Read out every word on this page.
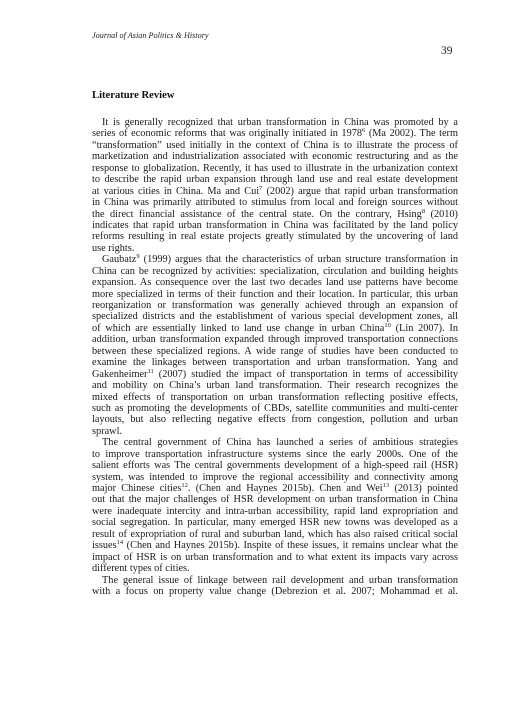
Journal of Asian Politics & History
39
Literature Review
It is generally recognized that urban transformation in China was promoted by a
series of economic reforms that was originally initiated in 1978$^6$ (Ma 2002). The term
“transformation” used initially in the context of China is to illustrate the process of
marketization and industrialization associated with economic restructuring and as the
response to globalization. Recently, it has used to illustrate in the urbanization context
to describe the rapid urban expansion through land use and real estate development
at various cities in China. Ma and Cui$^7$ (2002) argue that rapid urban transformation
in China was primarily attributed to stimulus from local and foreign sources without
the direct financial assistance of the central state. On the contrary, Hsing$^8$ (2010)
indicates that rapid urban transformation in China was facilitated by the land policy
reforms resulting in real estate projects greatly stimulated by the uncovering of land
use rights.
Gaubatz$^9$ (1999) argues that the characteristics of urban structure transformation in
China can be recognized by activities: specialization, circulation and building heights
expansion. As consequence over the last two decades land use patterns have become
more specialized in terms of their function and their location. In particular, this urban
reorganization or transformation was generally achieved through an expansion of
specialized districts and the establishment of various special development zones, all
of which are essentially linked to land use change in urban China$^{10}$ (Lin 2007). In
addition, urban transformation expanded through improved transportation connections
between these specialized regions. A wide range of studies have been conducted to
examine the linkages between transportation and urban transformation. Yang and
Gakenheimer$^{11}$ (2007) studied the impact of transportation in terms of accessibility
and mobility on China’s urban land transformation. Their research recognizes the
mixed effects of transportation on urban transformation reflecting positive effects,
such as promoting the developments of CBDs, satellite communities and multi-center
layouts, but also reflecting negative effects from congestion, pollution and urban
sprawl.
The central government of China has launched a series of ambitious strategies
to improve transportation infrastructure systems since the early 2000s. One of the
salient efforts was The central governments development of a high-speed rail (HSR)
system, was intended to improve the regional accessibility and connectivity among
major Chinese cities$^{12}$. (Chen and Haynes 2015b). Chen and Wei$^{13}$ (2013) pointed
out that the major challenges of HSR development on urban transformation in China
were inadequate intercity and intra-urban accessibility, rapid land expropriation and
social segregation. In particular, many emerged HSR new towns was developed as a
result of expropriation of rural and suburban land, which has also raised critical social
issues$^{14}$ (Chen and Haynes 2015b). Inspite of these issues, it remains unclear what the
impact of HSR is on urban transformation and to what extent its impacts vary across
different types of cities.
The general issue of linkage between rail development and urban transformation
with a focus on property value change (Debrezion et al. 2007; Mohammad et al.
